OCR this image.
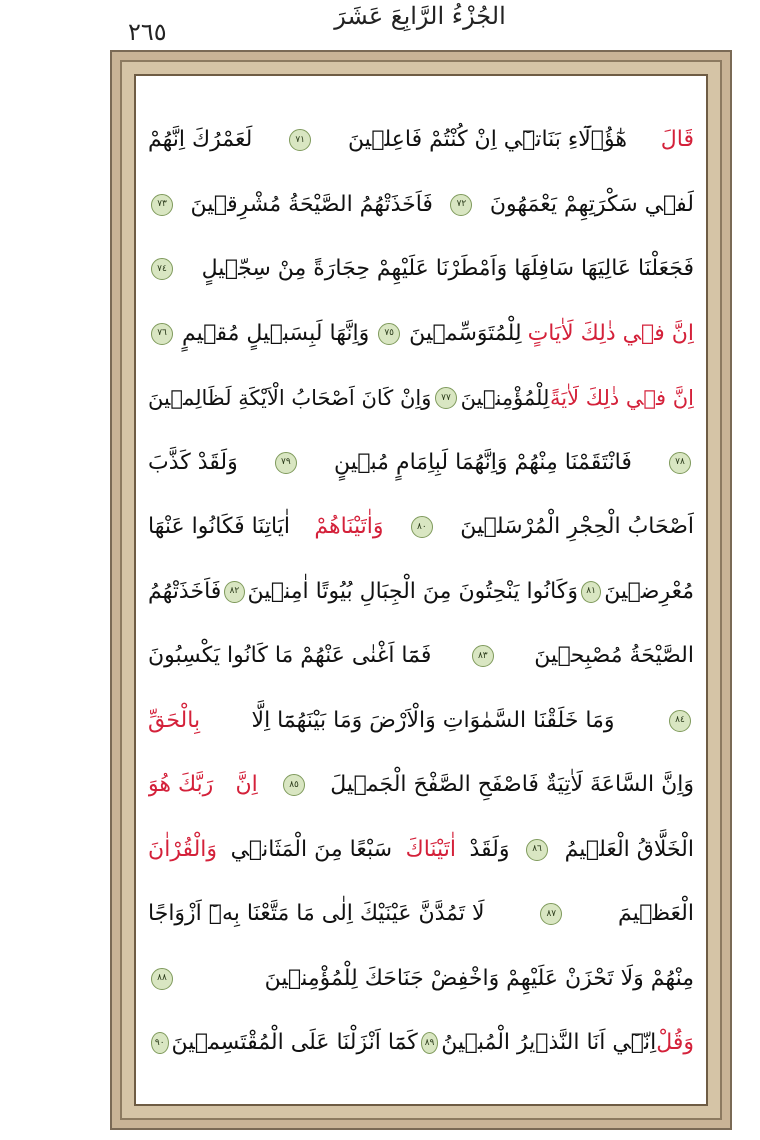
الجُزْءُ الرَّابِعَ عَشَرَ
٢٦٥
قَالَ
هٰٓؤُ۬لَٓاءِ بَنَاتٖٓي اِنْ كُنْتُمْ فَاعِل۪ينَ
٧١
لَعَمْرُكَ اِنَّهُمْ
لَف۪ي سَكْرَتِهِمْ يَعْمَهُونَ
٧٢
فَاَخَذَتْهُمُ الصَّيْحَةُ مُشْرِق۪ينَ
٧٣
فَجَعَلْنَا عَالِيَهَا سَافِلَهَا وَاَمْطَرْنَا عَلَيْهِمْ حِجَارَةً مِنْ سِجّ۪يلٍ
٧٤
اِنَّ ف۪ي ذٰلِكَ لَاٰيَاتٍ
لِلْمُتَوَسِّم۪ينَ
٧٥
وَاِنَّهَا لَبِسَب۪يلٍ مُق۪يمٍ
٧٦
اِنَّ ف۪ي ذٰلِكَ لَاٰيَةً
لِلْمُؤْمِن۪ينَ
٧٧
وَاِنْ كَانَ اَصْحَابُ الْاَيْكَةِ لَظَالِم۪ينَ
٧٨
فَانْتَقَمْنَا مِنْهُمْ وَاِنَّهُمَا لَبِاِمَامٍ مُب۪ينٍ
٧٩
وَلَقَدْ كَذَّبَ
اَصْحَابُ الْحِجْرِ الْمُرْسَل۪ينَ
٨٠
وَاٰتَيْنَاهُمْ
اٰيَاتِنَا فَكَانُوا عَنْهَا
مُعْرِض۪ينَ
٨١
وَكَانُوا يَنْحِتُونَ مِنَ الْجِبَالِ بُيُوتًا اٰمِن۪ينَ
٨٢
فَاَخَذَتْهُمُ
الصَّيْحَةُ مُصْبِح۪ينَ
٨٣
فَمَٓا اَغْنٰى عَنْهُمْ مَا كَانُوا يَكْسِبُونَ
٨٤
وَمَا خَلَقْنَا السَّمٰوَاتِ وَالْاَرْضَ وَمَا بَيْنَهُمَٓا اِلَّا
بِالْحَقِّ
وَاِنَّ السَّاعَةَ لَاٰتِيَةٌ فَاصْفَحِ الصَّفْحَ الْجَم۪يلَ
٨٥
اِنَّ
رَبَّكَ هُوَ
الْخَلَّاقُ الْعَل۪يمُ
٨٦
وَلَقَدْ
اٰتَيْنَاكَ
سَبْعًا مِنَ الْمَثَان۪ي
وَالْقُرْاٰنَ
الْعَظ۪يمَ
٨٧
لَا تَمُدَّنَّ عَيْنَيْكَ اِلٰى مَا مَتَّعْنَا بِه۪ٓ اَزْوَاجًا
مِنْهُمْ وَلَا تَحْزَنْ عَلَيْهِمْ وَاخْفِضْ جَنَاحَكَ لِلْمُؤْمِن۪ينَ
٨٨
وَقُلْ
اِنّ۪ٓي اَنَا النَّذ۪يرُ الْمُب۪ينُ
٨٩
كَمَٓا اَنْزَلْنَا عَلَى الْمُقْتَسِم۪ينَ
٩٠
